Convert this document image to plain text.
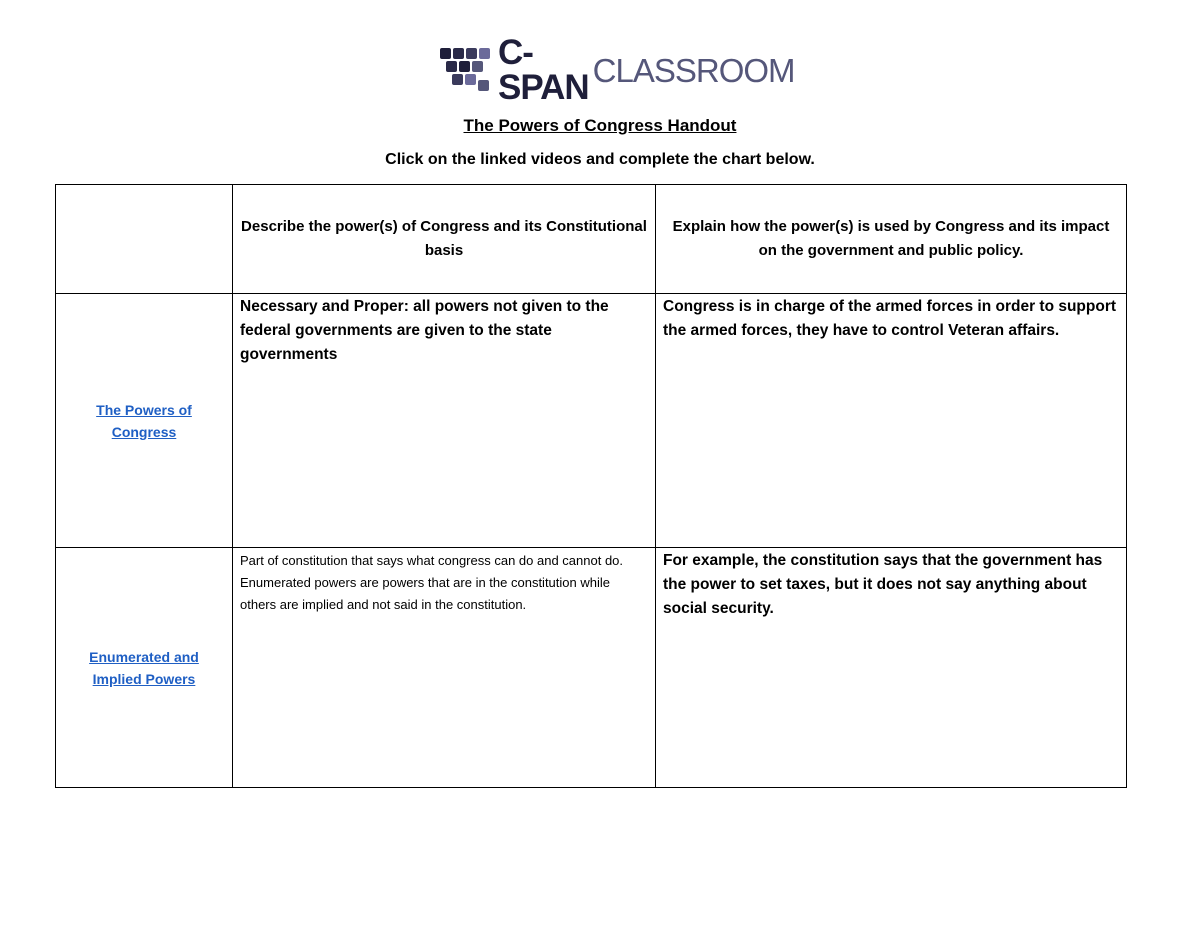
C-SPAN CLASSROOM
The Powers of Congress Handout
Click on the linked videos and complete the chart below.
	Describe the power(s) of Congress and its Constitutional basis	Explain how the power(s) is used by Congress and its impact on the government and public policy.
The Powers of Congress	Necessary and Proper: all powers not given to the federal governments are given to the state governments	Congress is in charge of the armed forces in order to support the armed forces, they have to control Veteran affairs.
Enumerated and Implied Powers	Part of constitution that says what congress can do and cannot do. Enumerated powers are powers that are in the constitution while others are implied and not said in the constitution.	For example, the constitution says that the government has the power to set taxes, but it does not say anything about social security.
